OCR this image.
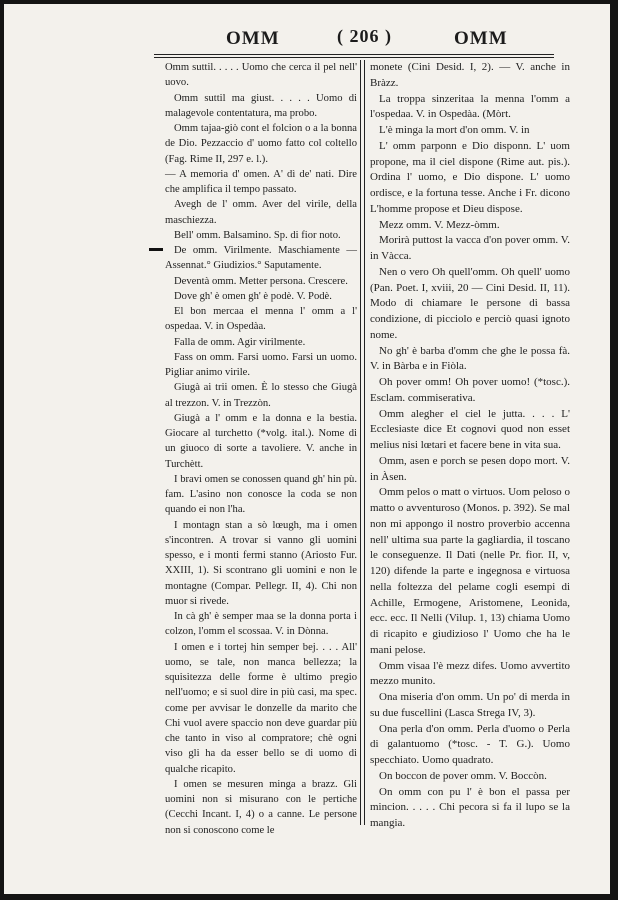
OMM	( 206 )	OMM

Omm suttil. . . . . Uomo che cerca il pel nell' uovo.

Omm suttil ma giust. . . . . Uomo di malagevole contentatura, ma probo.

Omm tajaa-giò cont el folcion o a la bonna de Dio. Pezzaccio d' uomo fatto col coltello (Fag. Rime II, 297 e. l.).

— A memoria d' omen. A' dì de' nati. Dire che amplifica il tempo passato.

Avegh de l' omm. Aver del virile, della maschiezza.

Bell' omm. Balsamino. Sp. di fior noto.

De omm. Virilmente. Maschiamente — Assennat.° Giudizios.° Saputamente.

Deventà omm. Metter persona. Crescere.

Dove gh' è omen gh' è podè. V. Podè.

El bon mercaa el menna l' omm a l' ospedaa. V. in Ospedàa.

Falla de omm. Agir virilmente.

Fass on omm. Farsi uomo. Farsi un uomo. Pigliar animo virile.

Giugà ai trii omen. È lo stesso che Giugà al trezzon. V. in Trezzòn.

Giugà a l' omm e la donna e la bestia. Giocare al turchetto (*volg. ital.). Nome di un giuoco di sorte a tavoliere. V. anche in Turchètt.

I bravi omen se conossen quand gh' hin pù. fam. L'asino non conosce la coda se non quando ei non l'ha.

I montagn stan a sò lœugh, ma i omen s'incontren. A trovar si vanno gli uomini spesso, e i monti fermi stanno (Ariosto Fur. XXIII, 1). Si scontrano gli uomini e non le montagne (Compar. Pellegr. II, 4). Chi non muor si rivede.

In cà gh' è semper maa se la donna porta i colzon, l'omm el scossaa. V. in Dònna.

I omen e i tortej hin semper bej. . . . All' uomo, se tale, non manca bellezza; la squisitezza delle forme è ultimo pregio nell'uomo; e si suol dire in più casi, ma spec. come per avvisar le donzelle da marito che Chi vuol avere spaccio non deve guardar più che tanto in viso al compratore; chè ogni viso gli ha da esser bello se di uomo di qualche ricapito.

I omen se mesuren minga a brazz. Gli uomini non si misurano con le pertiche (Cecchi Incant. I, 4) o a canne. Le persone non si conoscono come le

monete (Cini Desid. I, 2). — V. anche in Bràzz.

La troppa sinzeritaa la menna l'omm a l'ospedaa. V. in Ospedàa. (Mòrt.

L'è minga la mort d'on omm. V. in

L' omm parponn e Dio disponn. L' uom propone, ma il ciel dispone (Rime aut. pis.). Ordina l' uomo, e Dio dispone. L' uomo ordisce, e la fortuna tesse. Anche i Fr. dicono L'homme propose et Dieu dispose.

Mezz omm. V. Mezz-òmm.

Morirà puttost la vacca d'on pover omm. V. in Vàcca.

Nen o vero Oh quell'omm. Oh quell' uomo (Pan. Poet. I, xviii, 20 — Cini Desid. II, 11). Modo di chiamare le persone di bassa condizione, di picciolo e perciò quasi ignoto nome.

No gh' è barba d'omm che ghe le possa fà. V. in Bàrba e in Fiòla.

Oh pover omm! Oh pover uomo! (*tosc.). Esclam. commiserativa.

Omm alegher el ciel le jutta. . . . L' Ecclesiaste dice Et cognovi quod non esset melius nisi lœtari et facere bene in vita sua.

Omm, asen e porch se pesen dopo mort. V. in Àsen.

Omm pelos o matt o virtuos. Uom peloso o matto o avventuroso (Monos. p. 392). Se mal non mi appongo il nostro proverbio accenna nell' ultima sua parte la gagliardia, il toscano le conseguenze. Il Dati (nelle Pr. fior. II, v, 120) difende la parte e ingegnosa e virtuosa nella foltezza del pelame cogli esempi di Achille, Ermogene, Aristomene, Leonida, ecc. ecc. Il Nelli (Vilup. 1, 13) chiama Uomo di ricapito e giudizioso l' Uomo che ha le mani pelose.

Omm visaa l'è mezz difes. Uomo avvertito mezzo munito.

Ona miseria d'on omm. Un po' di merda in su due fuscellini (Lasca Strega IV, 3).

Ona perla d'on omm. Perla d'uomo o Perla di galantuomo (*tosc. - T. G.). Uomo specchiato. Uomo quadrato.

On boccon de pover omm. V. Boccòn.

On omm con pu l' è bon el passa per mincion. . . . . Chi pecora si fa il lupo se la mangia.
